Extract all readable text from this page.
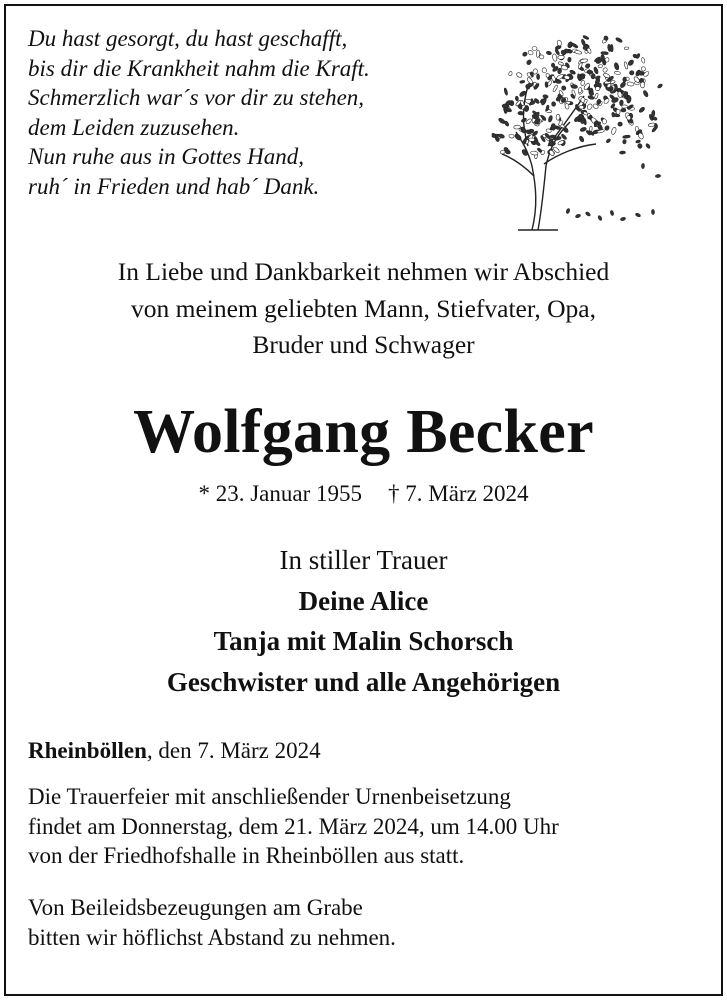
Du hast gesorgt, du hast geschafft,
bis dir die Krankheit nahm die Kraft.
Schmerzlich war´s vor dir zu stehen,
dem Leiden zuzusehen.
Nun ruhe aus in Gottes Hand,
ruh´ in Frieden und hab´ Dank.
In Liebe und Dankbarkeit nehmen wir Abschied
von meinem geliebten Mann, Stiefvater, Opa,
Bruder und Schwager
Wolfgang Becker
* 23. Januar 1955 † 7. März 2024
In stiller Trauer
Deine Alice
Tanja mit Malin Schorsch
Geschwister und alle Angehörigen
Rheinböllen, den 7. März 2024
Die Trauerfeier mit anschließender Urnenbeisetzung
findet am Donnerstag, dem 21. März 2024, um 14.00 Uhr
von der Friedhofshalle in Rheinböllen aus statt.
Von Beileidsbezeugungen am Grabe
bitten wir höflichst Abstand zu nehmen.
